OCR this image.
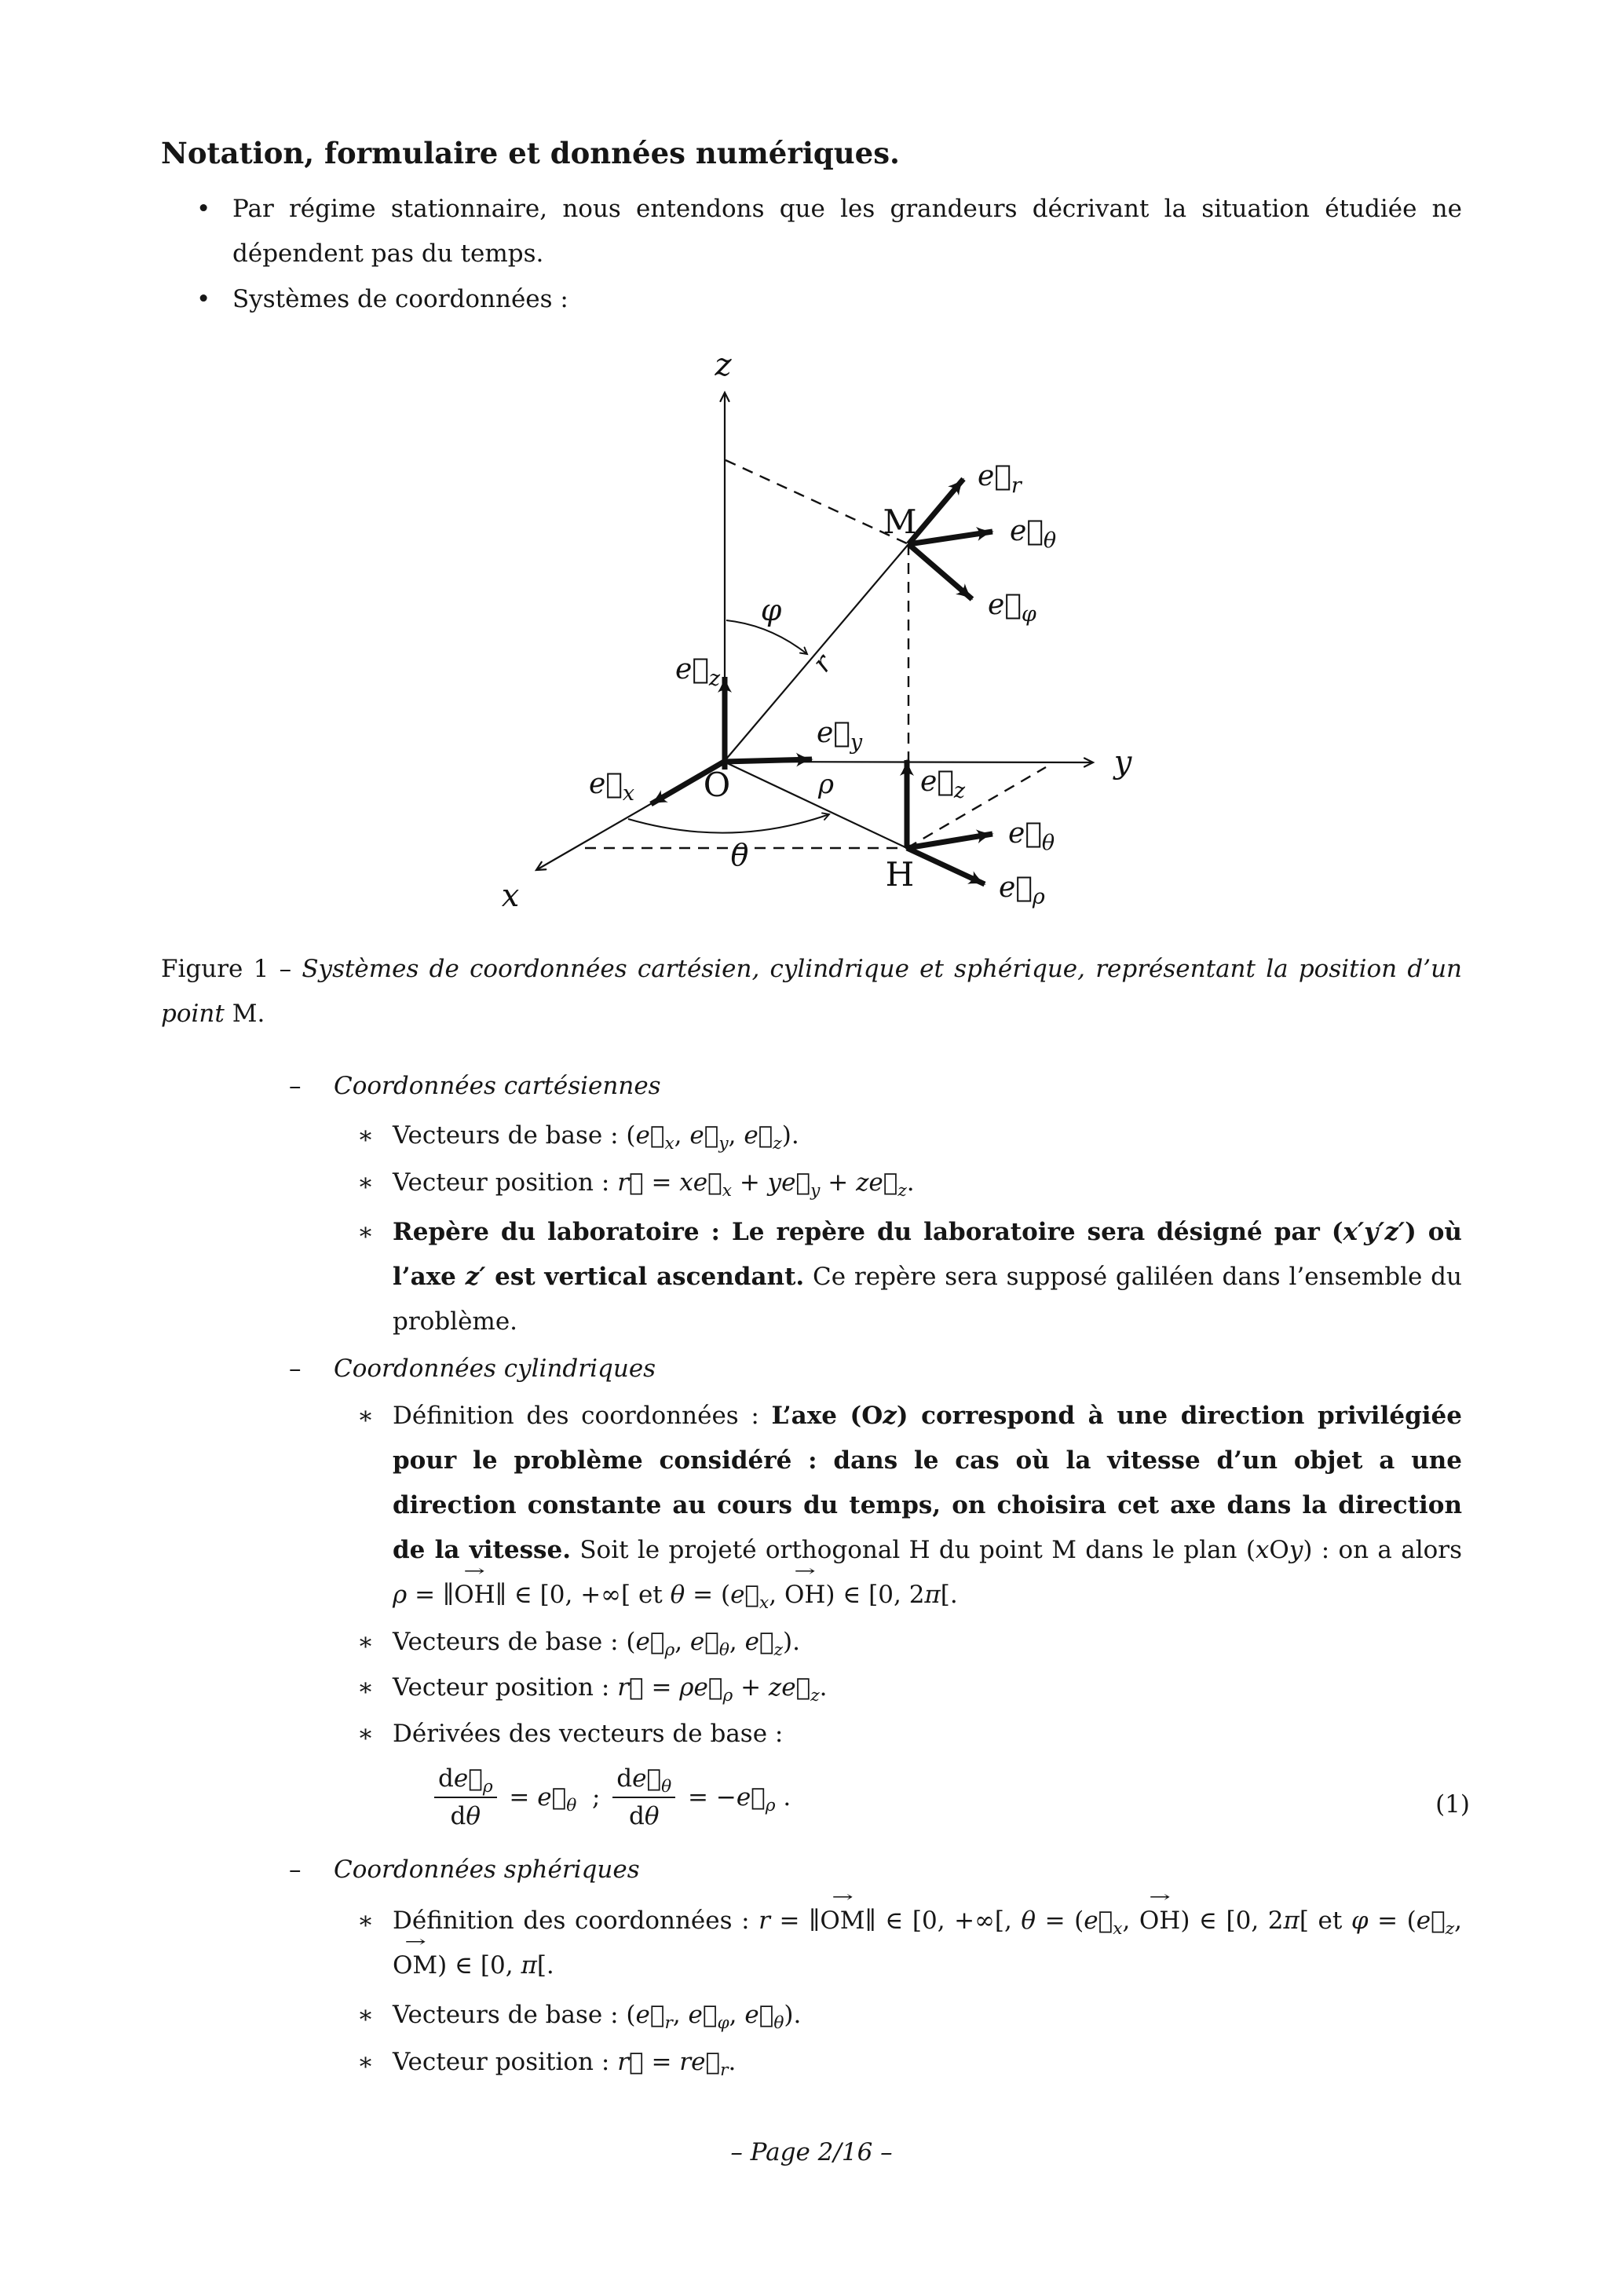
Notation, formulaire et données numériques.
• Par régime stationnaire, nous entendons que les grandeurs décrivant la situation étudiée ne dépendent pas du temps.
• Systèmes de coordonnées :
z
y
x
O
M
H
φ
θ
ρ
r
$e⃗_r$
$e⃗_\theta$
$e⃗_\varphi$
$e⃗_z$
$e⃗_x$
$e⃗_y$
$e⃗_z$
$e⃗_\theta$
$e⃗_\rho$
Figure 1 – Systèmes de coordonnées cartésien, cylindrique et sphérique, représentant la position d’un point M.
– Coordonnées cartésiennes
∗ Vecteurs de base : ($e⃗_x$, $e⃗_y$, $e⃗_z$).
∗ Vecteur position : r⃗ = $xe⃗_x$ + $ye⃗_y$ + $ze⃗_z$.
∗ Repère du laboratoire : Le repère du laboratoire sera désigné par (x′y′z′) où l’axe z′ est vertical ascendant. Ce repère sera supposé galiléen dans l’ensemble du problème.
– Coordonnées cylindriques
∗ Définition des coordonnées : L’axe (Oz) correspond à une direction privilégiée pour le problème considéré : dans le cas où la vitesse d’un objet a une direction constante au cours du temps, on choisira cet axe dans la direction de la vitesse. Soit le projeté orthogonal H du point M dans le plan (xOy) : on a alors ρ = ∥OH →∥ ∈ [0, +∞[ et $\theta = (e⃗_x$, OH →) ∈ [0, 2π[.
∗ Vecteurs de base : ($e⃗_\rho$, $e⃗_\theta$, $e⃗_z$).
∗ Vecteur position : r⃗ = $\rho e⃗_\rho$ + $ze⃗_z$.
∗ Dérivées des vecteurs de base :
$\frac{de⃗_\rho}{d\theta}$ = $e⃗_\theta$  ; $\frac{de⃗_\theta}{d\theta}$ = $-e⃗_\rho$ .	(1)
– Coordonnées sphériques
∗ Définition des coordonnées : r = ∥OM →∥ ∈ [0, +∞[, $\theta = (e⃗_x$, OH →) ∈ [0, 2π[ et $\varphi = (e⃗_z$, OM →) ∈ [0, π[.
∗ Vecteurs de base : ($e⃗_r$, $e⃗_\varphi$, $e⃗_\theta$).
∗ Vecteur position : r⃗ = $re⃗_r$.
– Page 2/16 –
